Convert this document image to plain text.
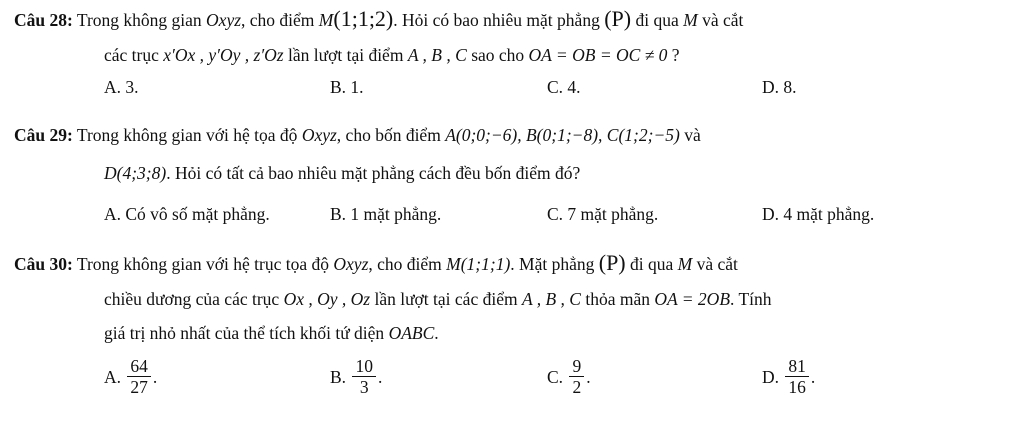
Câu 28: Trong không gian Oxyz, cho điểm M(1;1;2). Hỏi có bao nhiêu mặt phẳng (P) đi qua M và cắt
các trục x′Ox , y′Oy , z′Oz lần lượt tại điểm A , B , C sao cho OA = OB = OC ≠ 0 ?
A. 3.	B. 1.	C. 4.	D. 8.
Câu 29: Trong không gian với hệ tọa độ Oxyz, cho bốn điểm A(0;0;−6), B(0;1;−8), C(1;2;−5) và
D(4;3;8). Hỏi có tất cả bao nhiêu mặt phẳng cách đều bốn điểm đó?
A. Có vô số mặt phẳng.	B. 1 mặt phẳng.	C. 7 mặt phẳng.	D. 4 mặt phẳng.
Câu 30: Trong không gian với hệ trục tọa độ Oxyz, cho điểm M(1;1;1). Mặt phẳng (P) đi qua M và cắt
chiều dương của các trục Ox , Oy , Oz lần lượt tại các điểm A , B , C thỏa mãn OA = 2OB. Tính
giá trị nhỏ nhất của thể tích khối tứ diện OABC.
A. $\frac{64}{27}$ .	B. $\frac{10}{3}$ .	C. $\frac{9}{2}$ .	D. $\frac{81}{16}$ .
